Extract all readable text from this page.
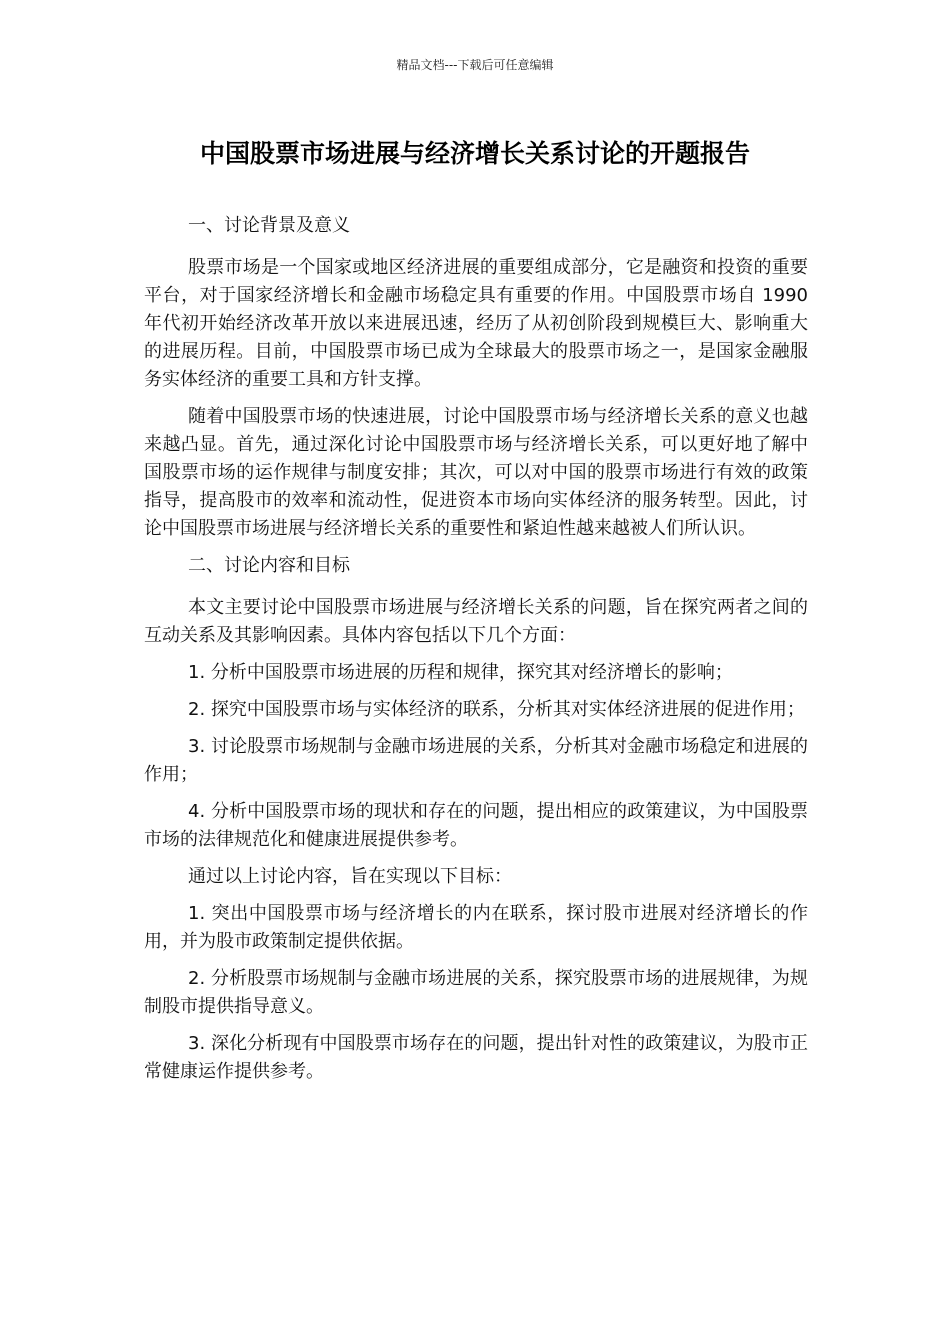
精品文档---下载后可任意编辑
中国股票市场进展与经济增长关系讨论的开题报告

一、讨论背景及意义

股票市场是一个国家或地区经济进展的重要组成部分，它是融资和投资的重要平台，对于国家经济增长和金融市场稳定具有重要的作用。中国股票市场自 1990 年代初开始经济改革开放以来进展迅速，经历了从初创阶段到规模巨大、影响重大的进展历程。目前，中国股票市场已成为全球最大的股票市场之一，是国家金融服务实体经济的重要工具和方针支撑。

随着中国股票市场的快速进展，讨论中国股票市场与经济增长关系的意义也越来越凸显。首先，通过深化讨论中国股票市场与经济增长关系，可以更好地了解中国股票市场的运作规律与制度安排；其次，可以对中国的股票市场进行有效的政策指导，提高股市的效率和流动性，促进资本市场向实体经济的服务转型。因此，讨论中国股票市场进展与经济增长关系的重要性和紧迫性越来越被人们所认识。

二、讨论内容和目标

本文主要讨论中国股票市场进展与经济增长关系的问题，旨在探究两者之间的互动关系及其影响因素。具体内容包括以下几个方面：

1. 分析中国股票市场进展的历程和规律，探究其对经济增长的影响；

2. 探究中国股票市场与实体经济的联系，分析其对实体经济进展的促进作用；

3. 讨论股票市场规制与金融市场进展的关系，分析其对金融市场稳定和进展的作用；

4. 分析中国股票市场的现状和存在的问题，提出相应的政策建议，为中国股票市场的法律规范化和健康进展提供参考。

通过以上讨论内容，旨在实现以下目标：

1. 突出中国股票市场与经济增长的内在联系，探讨股市进展对经济增长的作用，并为股市政策制定提供依据。

2. 分析股票市场规制与金融市场进展的关系，探究股票市场的进展规律，为规制股市提供指导意义。

3. 深化分析现有中国股票市场存在的问题，提出针对性的政策建议，为股市正常健康运作提供参考。
